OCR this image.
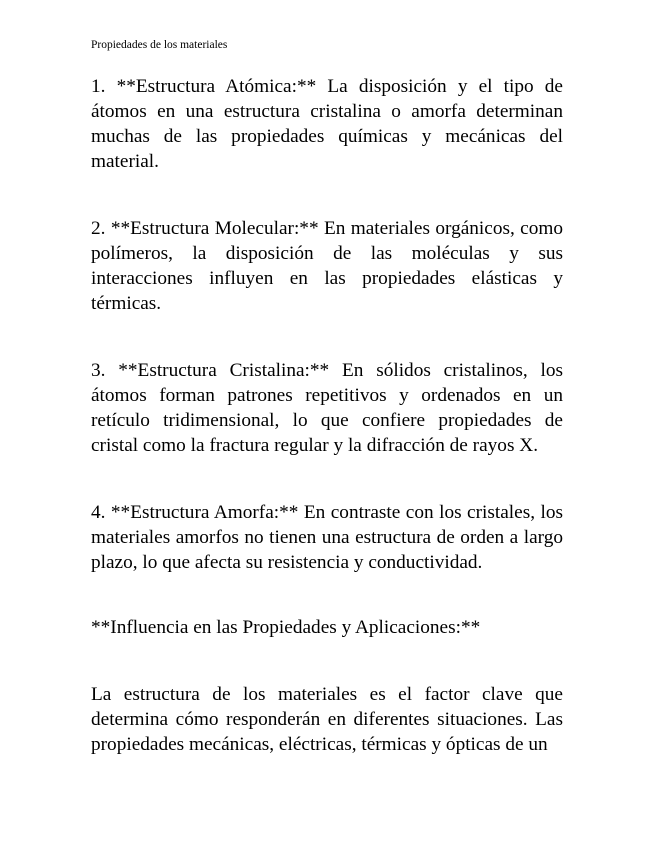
Propiedades de los materiales

1. **Estructura Atómica:** La disposición y el tipo de átomos en una estructura cristalina o amorfa determinan muchas de las propiedades químicas y mecánicas del material.

2. **Estructura Molecular:** En materiales orgánicos, como polímeros, la disposición de las moléculas y sus interacciones influyen en las propiedades elásticas y térmicas.

3. **Estructura Cristalina:** En sólidos cristalinos, los átomos forman patrones repetitivos y ordenados en un retículo tridimensional, lo que confiere propiedades de cristal como la fractura regular y la difracción de rayos X.

4. **Estructura Amorfa:** En contraste con los cristales, los materiales amorfos no tienen una estructura de orden a largo plazo, lo que afecta su resistencia y conductividad.

**Influencia en las Propiedades y Aplicaciones:**

La estructura de los materiales es el factor clave que determina cómo responderán en diferentes situaciones. Las propiedades mecánicas, eléctricas, térmicas y ópticas de un
